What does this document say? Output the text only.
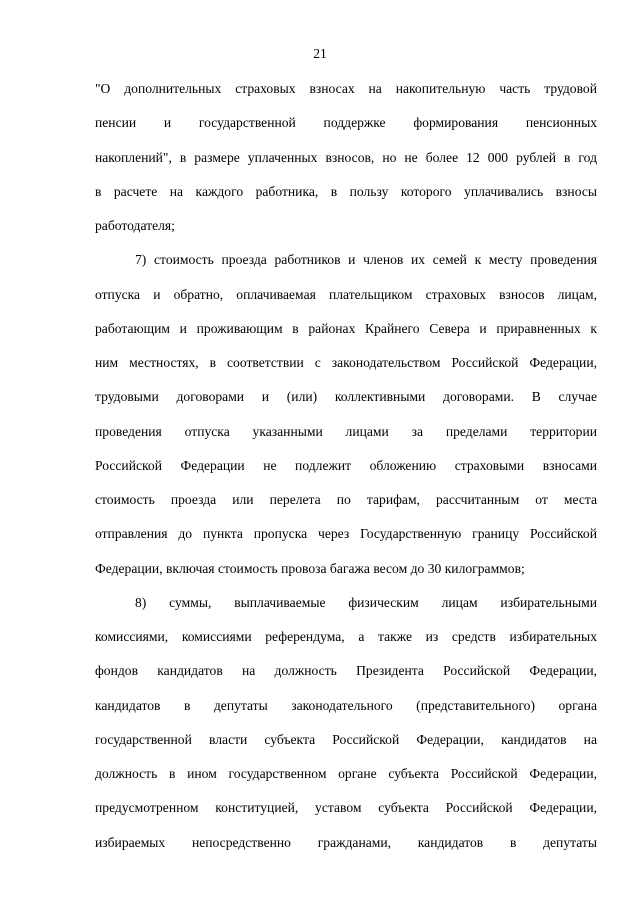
21
"О дополнительных страховых взносах на накопительную часть трудовой
пенсии и государственной поддержке формирования пенсионных
накоплений", в размере уплаченных взносов, но не более 12 000 рублей в год
в расчете на каждого работника, в пользу которого уплачивались взносы
работодателя;
7) стоимость проезда работников и членов их семей к месту проведения
отпуска и обратно, оплачиваемая плательщиком страховых взносов лицам,
работающим и проживающим в районах Крайнего Севера и приравненных к
ним местностях, в соответствии с законодательством Российской Федерации,
трудовыми договорами и (или) коллективными договорами. В случае
проведения отпуска указанными лицами за пределами территории
Российской Федерации не подлежит обложению страховыми взносами
стоимость проезда или перелета по тарифам, рассчитанным от места
отправления до пункта пропуска через Государственную границу Российской
Федерации, включая стоимость провоза багажа весом до 30 килограммов;
8) суммы, выплачиваемые физическим лицам избирательными
комиссиями, комиссиями референдума, а также из средств избирательных
фондов кандидатов на должность Президента Российской Федерации,
кандидатов в депутаты законодательного (представительного) органа
государственной власти субъекта Российской Федерации, кандидатов на
должность в ином государственном органе субъекта Российской Федерации,
предусмотренном конституцией, уставом субъекта Российской Федерации,
избираемых непосредственно гражданами, кандидатов в депутаты
